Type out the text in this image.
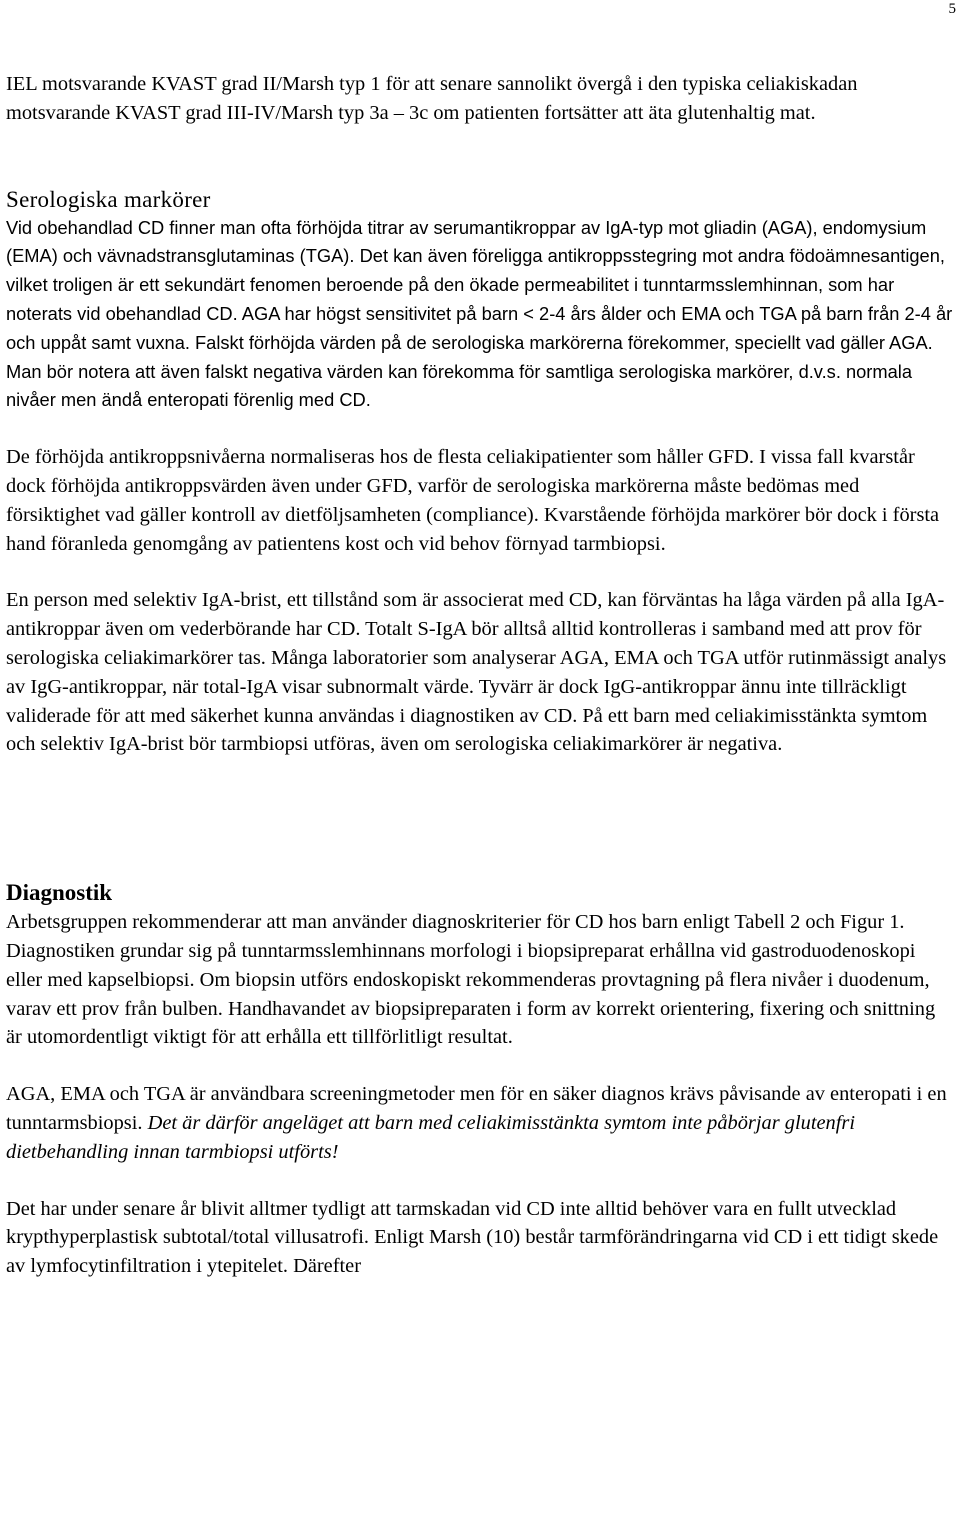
5

IEL motsvarande KVAST grad II/Marsh typ 1 för att senare sannolikt övergå i den typiska celiakiskadan motsvarande KVAST grad III-IV/Marsh typ 3a – 3c om patienten fortsätter att äta glutenhaltig mat.

Serologiska markörer

Vid obehandlad CD finner man ofta förhöjda titrar av serumantikroppar av IgA-typ mot gliadin (AGA), endomysium (EMA) och vävnadstransglutaminas (TGA). Det kan även föreligga antikroppsstegring mot andra födoämnesantigen, vilket troligen är ett sekundärt fenomen beroende på den ökade permeabilitet i tunntarmsslemhinnan, som har noterats vid obehandlad CD. AGA har högst sensitivitet på barn < 2-4 års ålder och EMA och TGA på barn från 2-4 år och uppåt samt vuxna. Falskt förhöjda värden på de serologiska markörerna förekommer, speciellt vad gäller AGA. Man bör notera att även falskt negativa värden kan förekomma för samtliga serologiska markörer, d.v.s. normala nivåer men ändå enteropati förenlig med CD.

De förhöjda antikroppsnivåerna normaliseras hos de flesta celiakipatienter som håller GFD. I vissa fall kvarstår dock förhöjda antikroppsvärden även under GFD, varför de serologiska markörerna måste bedömas med försiktighet vad gäller kontroll av dietföljsamheten (compliance). Kvarstående förhöjda markörer bör dock i första hand föranleda genomgång av patientens kost och vid behov förnyad tarmbiopsi.

En person med selektiv IgA-brist, ett tillstånd som är associerat med CD, kan förväntas ha låga värden på alla IgA-antikroppar även om vederbörande har CD. Totalt S-IgA bör alltså alltid kontrolleras i samband med att prov för serologiska celiakimarkörer tas. Många laboratorier som analyserar AGA, EMA och TGA utför rutinmässigt analys av IgG-antikroppar, när total-IgA visar subnormalt värde. Tyvärr är dock IgG-antikroppar ännu inte tillräckligt validerade för att med säkerhet kunna användas i diagnostiken av CD. På ett barn med celiakimisstänkta symtom och selektiv IgA-brist bör tarmbiopsi utföras, även om serologiska celiakimarkörer är negativa.

Diagnostik

Arbetsgruppen rekommenderar att man använder diagnoskriterier för CD hos barn enligt Tabell 2 och Figur 1. Diagnostiken grundar sig på tunntarmsslemhinnans morfologi i biopsipreparat erhållna vid gastroduodenoskopi eller med kapselbiopsi. Om biopsin utförs endoskopiskt rekommenderas provtagning på flera nivåer i duodenum, varav ett prov från bulben. Handhavandet av biopsipreparaten i form av korrekt orientering, fixering och snittning är utomordentligt viktigt för att erhålla ett tillförlitligt resultat.

AGA, EMA och TGA är användbara screeningmetoder men för en säker diagnos krävs påvisande av enteropati i en tunntarmsbiopsi. Det är därför angeläget att barn med celiakimisstänkta symtom inte påbörjar glutenfri dietbehandling innan tarmbiopsi utförts!

Det har under senare år blivit alltmer tydligt att tarmskadan vid CD inte alltid behöver vara en fullt utvecklad krypthyperplastisk subtotal/total villusatrofi. Enligt Marsh (10) består tarmförändringarna vid CD i ett tidigt skede av lymfocytinfiltration i ytepitelet. Därefter
